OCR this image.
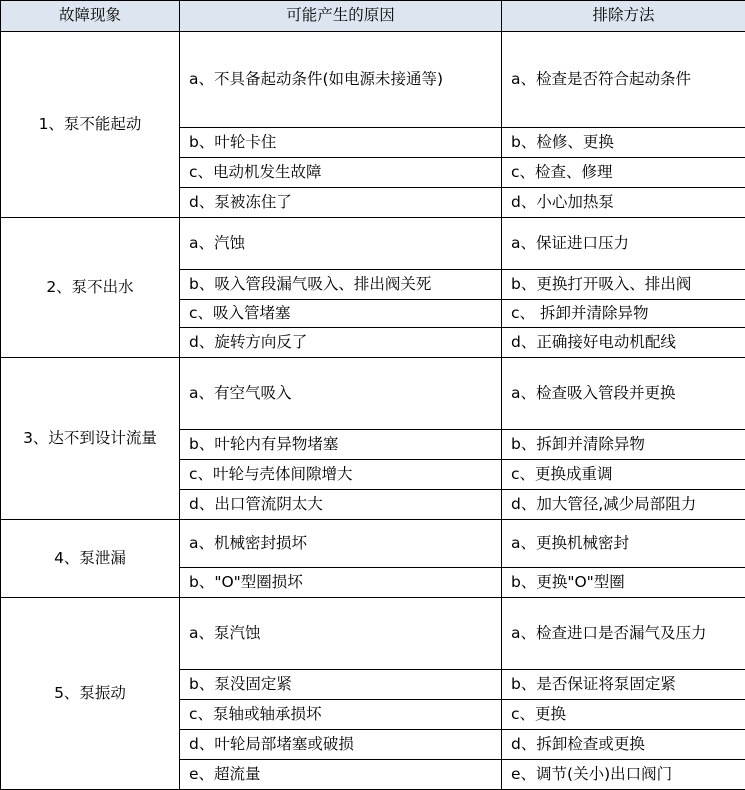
故障现象	可能产生的原因	排除方法
1、泵不能起动	a、不具备起动条件(如电源未接通等)	a、检查是否符合起动条件
	b、叶轮卡住	b、检修、更换
	c、电动机发生故障	c、检查、修理
	d、泵被冻住了	d、小心加热泵
2、泵不出水	a、汽蚀	a、保证进口压力
	b、吸入管段漏气吸入、排出阀关死	b、更换打开吸入、排出阀
	c、吸入管堵塞	c、 拆卸并清除异物
	d、旋转方向反了	d、正确接好电动机配线
3、达不到设计流量	a、有空气吸入	a、检查吸入管段并更换
	b、叶轮内有异物堵塞	b、拆卸并清除异物
	c、叶轮与壳体间隙增大	c、更换成重调
	d、出口管流阴太大	d、加大管径,减少局部阻力
4、泵泄漏	a、机械密封损坏	a、更换机械密封
	b、"O"型圈损坏	b、更换"O"型圈
5、泵振动	a、泵汽蚀	a、检查进口是否漏气及压力
	b、泵没固定紧	b、是否保证将泵固定紧
	c、泵轴或轴承损坏	c、更换
	d、叶轮局部堵塞或破损	d、拆卸检查或更换
	e、超流量	e、调节(关小)出口阀门
